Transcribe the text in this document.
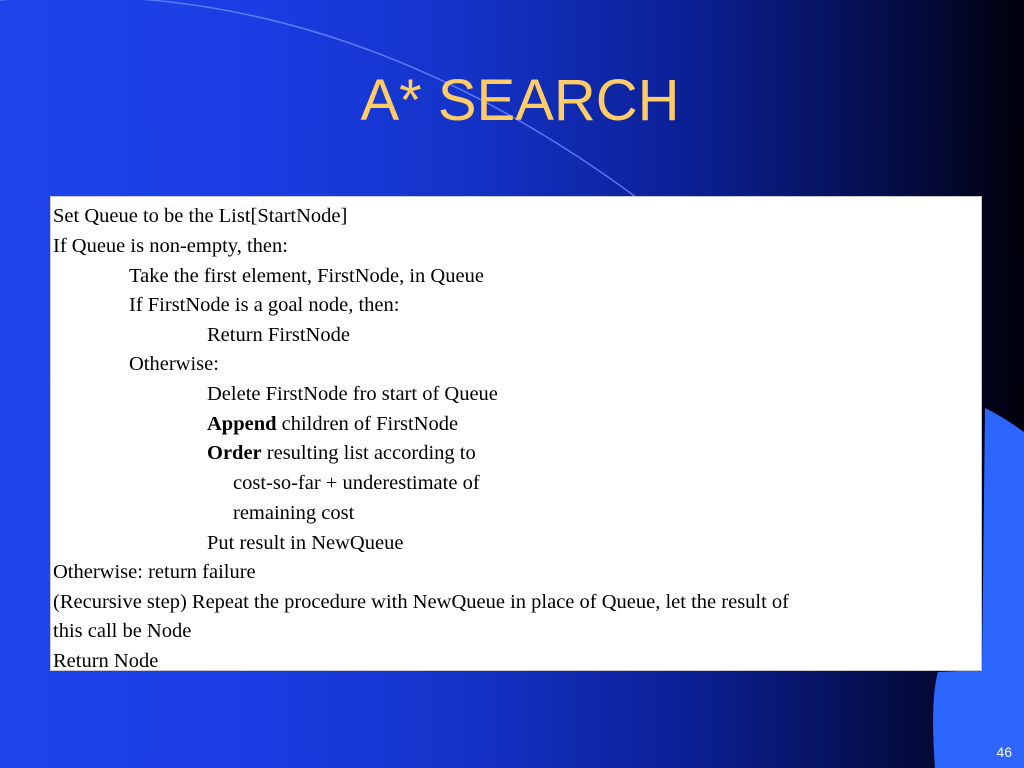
A* SEARCH
Set Queue to be the List[StartNode]
If Queue is non-empty, then:
Take the first element, FirstNode, in Queue
If FirstNode is a goal node, then:
Return FirstNode
Otherwise:
Delete FirstNode fro start of Queue
Append children of FirstNode
Order resulting list according to
cost-so-far + underestimate of
remaining cost
Put result in NewQueue
Otherwise: return failure
(Recursive step) Repeat the procedure with NewQueue in place of Queue, let the result of
this call be Node
Return Node
46
